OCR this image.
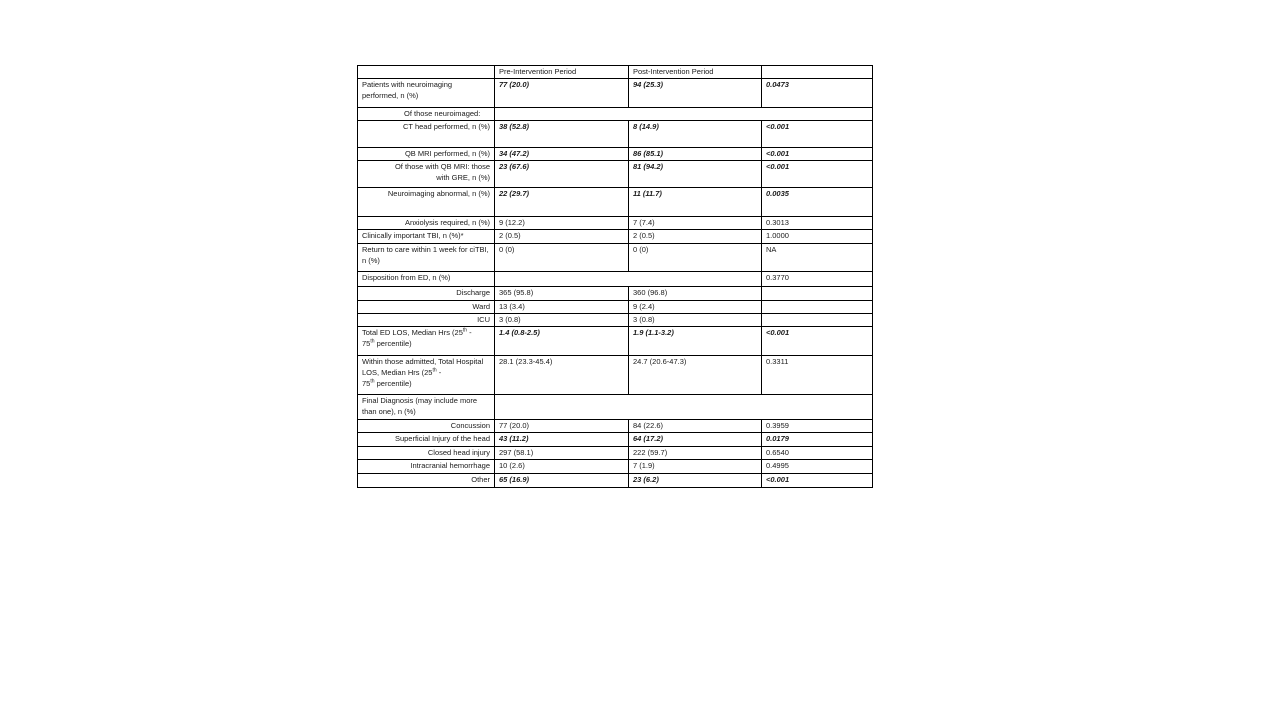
	Pre-Intervention Period	Post-Intervention Period	
Patients with neuroimaging performed, n (%)	77 (20.0)	94 (25.3)	0.0473
Of those neuroimaged:			
CT head performed, n (%)	38 (52.8)	8 (14.9)	<0.001
QB MRI performed, n (%)	34 (47.2)	86 (85.1)	<0.001
Of those with QB MRI: those
with GRE, n (%)	23 (67.6)	81 (94.2)	<0.001
Neuroimaging abnormal, n (%)	22 (29.7)	11 (11.7)	0.0035
Anxiolysis required, n (%)	9 (12.2)	7 (7.4)	0.3013
Clinically important TBI, n (%)*	2 (0.5)	2 (0.5)	1.0000
Return to care within 1 week for ciTBI, n (%)	0 (0)	0 (0)	NA
Disposition from ED, n (%)			0.3770
Discharge	365 (95.8)	360 (96.8)	
Ward	13 (3.4)	9 (2.4)	
ICU	3 (0.8)	3 (0.8)	
Total ED LOS, Median Hrs (25th -
75th percentile)	1.4 (0.8-2.5)	1.9 (1.1-3.2)	<0.001
Within those admitted, Total Hospital LOS, Median Hrs (25th -
75th percentile)	28.1 (23.3-45.4)	24.7 (20.6-47.3)	0.3311
Final Diagnosis (may include more than one), n (%)			
Concussion	77 (20.0)	84 (22.6)	0.3959
Superficial Injury of the head	43 (11.2)	64 (17.2)	0.0179
Closed head injury	297 (58.1)	222 (59.7)	0.6540
Intracranial hemorrhage	10 (2.6)	7 (1.9)	0.4995
Other	65 (16.9)	23 (6.2)	<0.001
